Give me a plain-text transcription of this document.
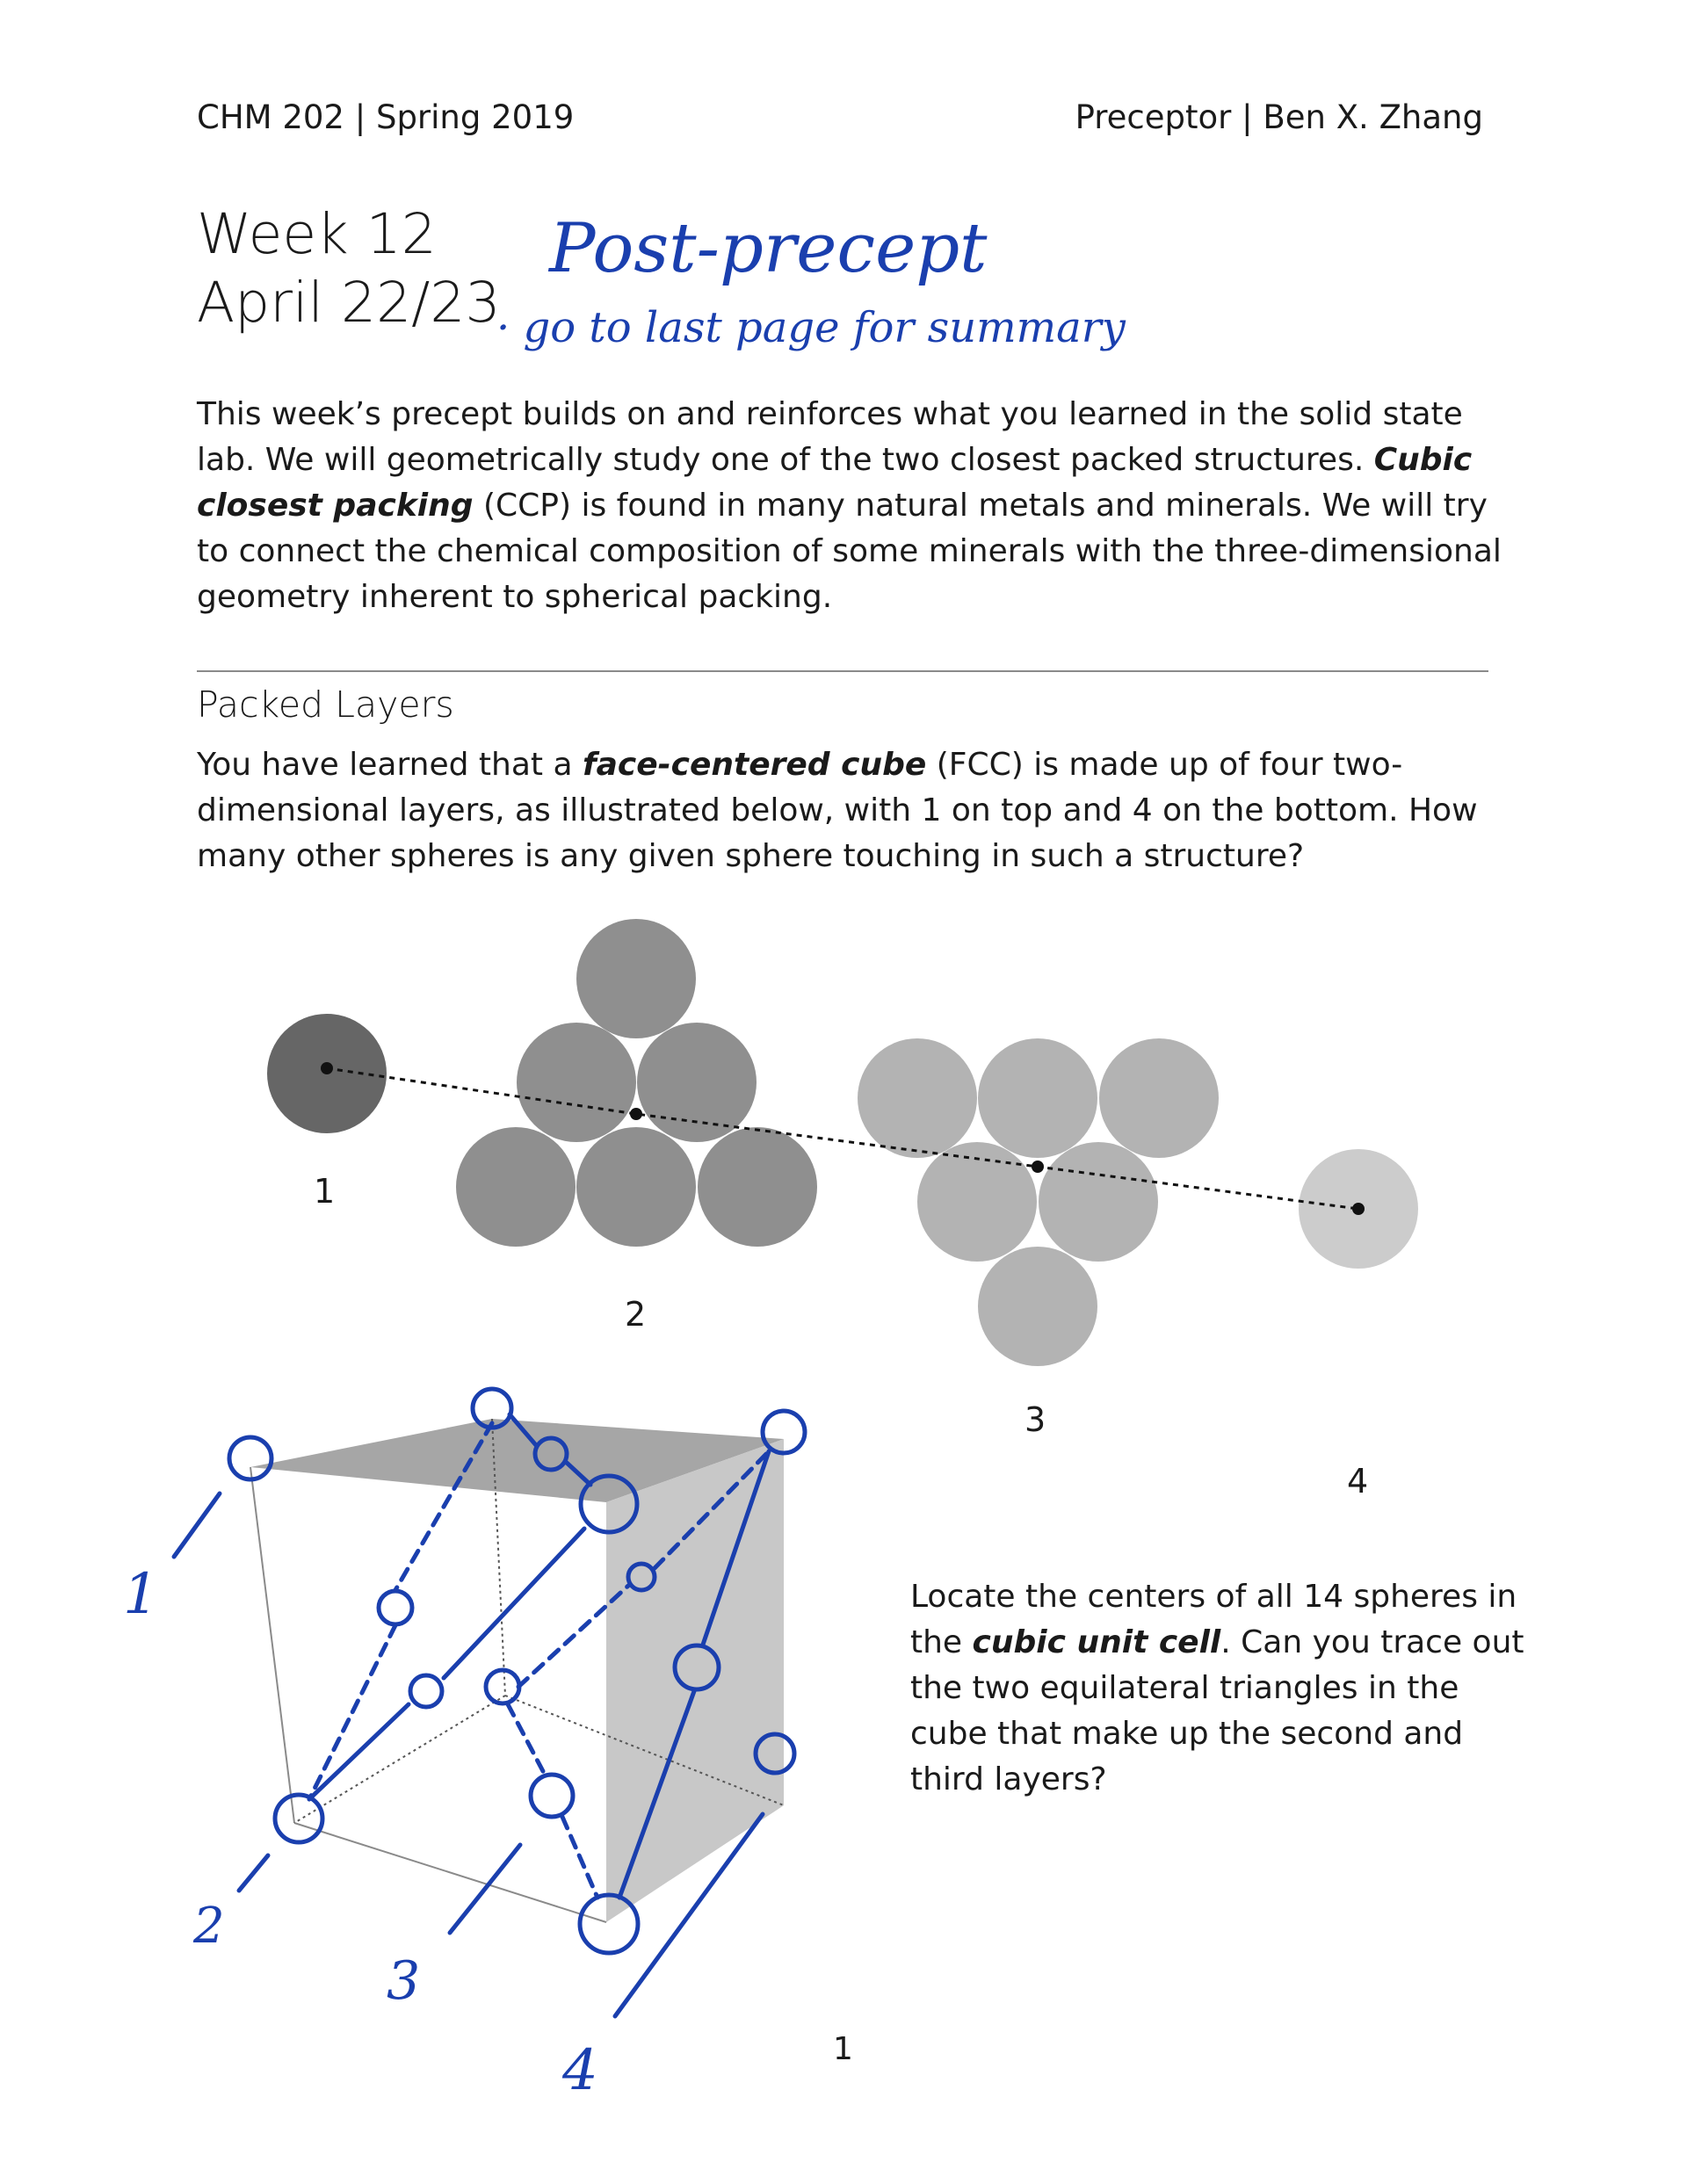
CHM 202 | Spring 2019	Preceptor | Ben X. Zhang
Week 12
April 22/23
Post-precept
· go to last page for summary

This week’s precept builds on and reinforces what you learned in the solid state lab. We will geometrically study one of the two closest packed structures. Cubic closest packing (CCP) is found in many natural metals and minerals. We will try to connect the chemical composition of some minerals with the three-dimensional geometry inherent to spherical packing.

Packed Layers

You have learned that a face-centered cube (FCC) is made up of four two-dimensional layers, as illustrated below, with 1 on top and 4 on the bottom. How many other spheres is any given sphere touching in such a structure?

1
2
3
4
1
2
3
4

Locate the centers of all 14 spheres in the cubic unit cell. Can you trace out the two equilateral triangles in the cube that make up the second and third layers?

1
